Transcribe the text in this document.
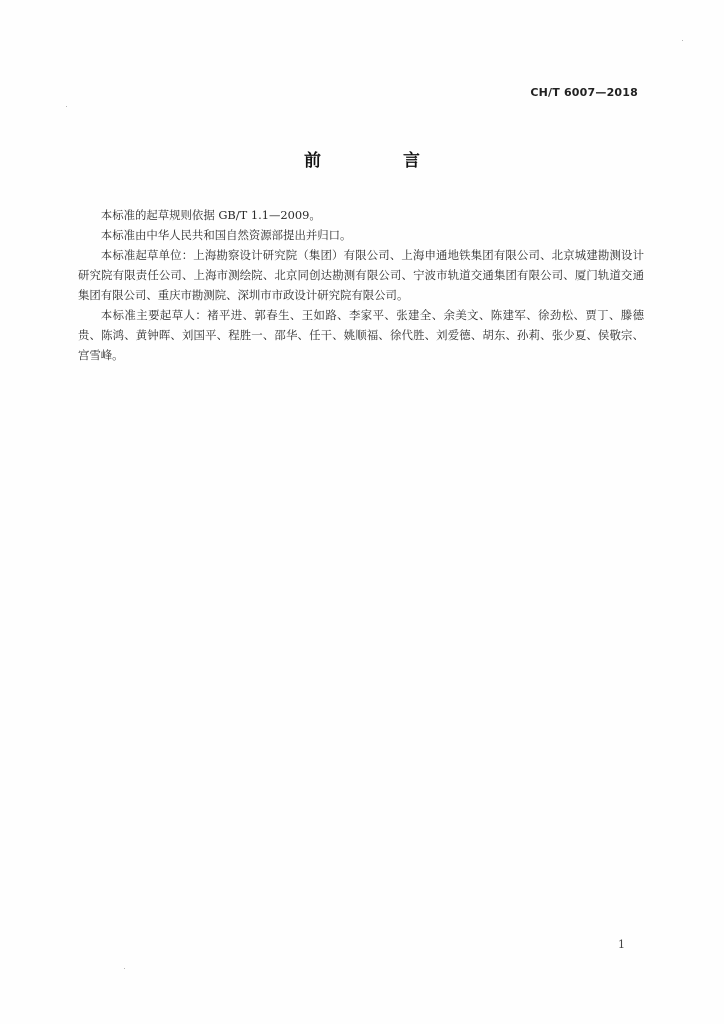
CH/T 6007—2018
前 言

本标准的起草规则依据 GB/T 1.1—2009。

本标准由中华人民共和国自然资源部提出并归口。

本标准起草单位：上海勘察设计研究院（集团）有限公司、上海申通地铁集团有限公司、北京城建勘测设计研究院有限责任公司、上海市测绘院、北京同创达勘测有限公司、宁波市轨道交通集团有限公司、厦门轨道交通集团有限公司、重庆市勘测院、深圳市市政设计研究院有限公司。

本标准主要起草人：褚平进、郭春生、王如路、李家平、张建全、余美文、陈建军、徐劲松、贾丁、滕德贵、陈鸿、黄钟晖、刘国平、程胜一、邵华、任干、姚顺福、徐代胜、刘爱德、胡东、孙莉、张少夏、侯敬宗、宫雪峰。

1
